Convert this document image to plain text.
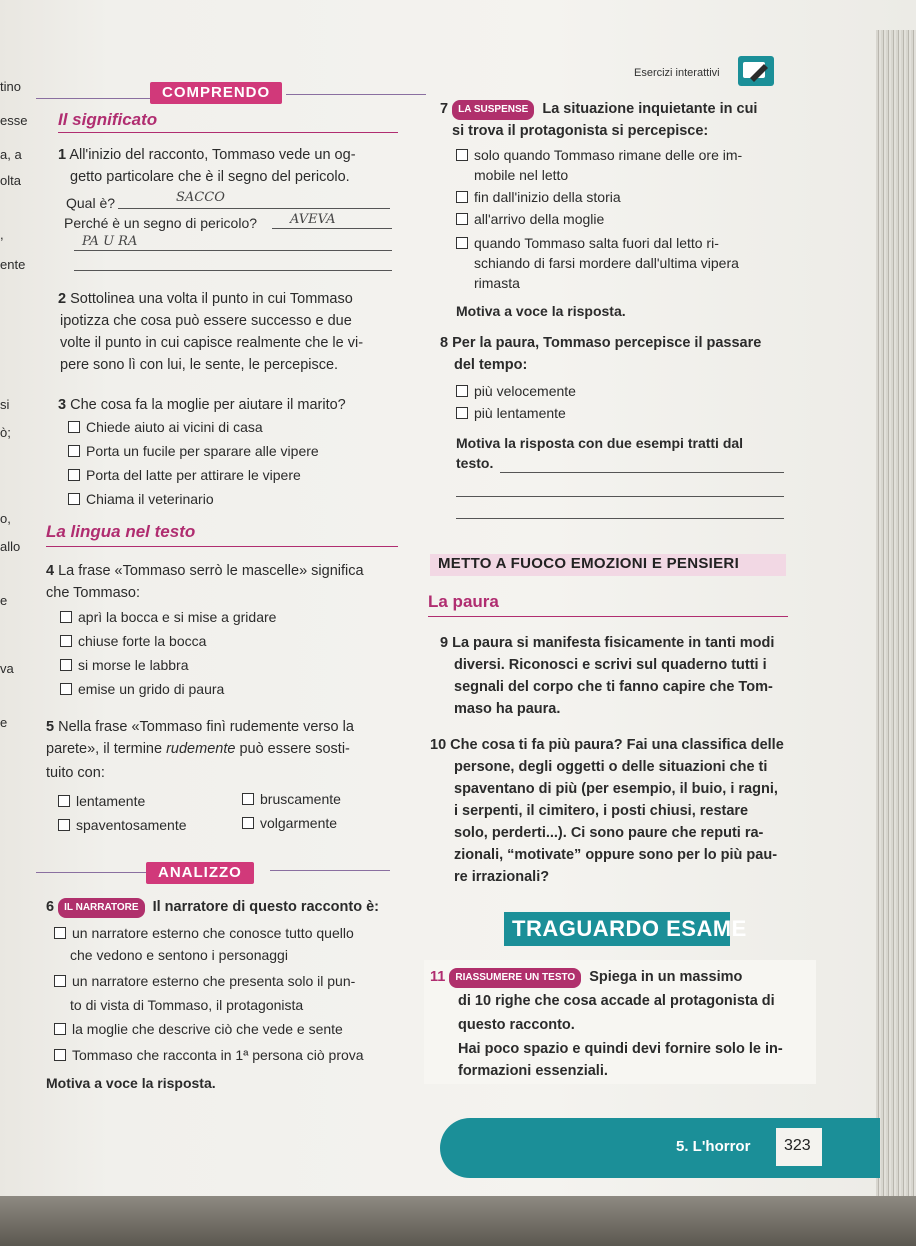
tino
esse
a, a
olta
,
ente
si
ò;
o,
allo
e
va
e
Esercizi interattivi
COMPRENDO
Il significato
1 All'inizio del racconto, Tommaso vede un og-
getto particolare che è il segno del pericolo.
Qual è?	SACCO
Perché è un segno di pericolo?	AVEVA
PA U RA
2 Sottolinea una volta il punto in cui Tommaso
ipotizza che cosa può essere successo e due
volte il punto in cui capisce realmente che le vi-
pere sono lì con lui, le sente, le percepisce.
3 Che cosa fa la moglie per aiutare il marito?
Chiede aiuto ai vicini di casa
Porta un fucile per sparare alle vipere
Porta del latte per attirare le vipere
Chiama il veterinario
La lingua nel testo
4 La frase «Tommaso serrò le mascelle» significa
che Tommaso:
aprì la bocca e si mise a gridare
chiuse forte la bocca
si morse le labbra
emise un grido di paura
5 Nella frase «Tommaso finì rudemente verso la
parete», il termine rudemente può essere sosti-
tuito con:
lentamente	bruscamente
spaventosamente	volgarmente
ANALIZZO
6 IL NARRATORE Il narratore di questo racconto è:
un narratore esterno che conosce tutto quello
che vedono e sentono i personaggi
un narratore esterno che presenta solo il pun-
to di vista di Tommaso, il protagonista
la moglie che descrive ciò che vede e sente
Tommaso che racconta in 1ª persona ciò prova
Motiva a voce la risposta.
7 LA SUSPENSE La situazione inquietante in cui
si trova il protagonista si percepisce:
solo quando Tommaso rimane delle ore im-
mobile nel letto
fin dall'inizio della storia
all'arrivo della moglie
quando Tommaso salta fuori dal letto ri-
schiando di farsi mordere dall'ultima vipera
rimasta
Motiva a voce la risposta.
8 Per la paura, Tommaso percepisce il passare
del tempo:
più velocemente
più lentamente
Motiva la risposta con due esempi tratti dal
testo.
METTO A FUOCO EMOZIONI E PENSIERI
La paura
9 La paura si manifesta fisicamente in tanti modi
diversi. Riconosci e scrivi sul quaderno tutti i
segnali del corpo che ti fanno capire che Tom-
maso ha paura.
10 Che cosa ti fa più paura? Fai una classifica delle
persone, degli oggetti o delle situazioni che ti
spaventano di più (per esempio, il buio, i ragni,
i serpenti, il cimitero, i posti chiusi, restare
solo, perderti...). Ci sono paure che reputi ra-
zionali, “motivate” oppure sono per lo più pau-
re irrazionali?
TRAGUARDO ESAME
11 RIASSUMERE UN TESTO Spiega in un massimo
di 10 righe che cosa accade al protagonista di
questo racconto.
Hai poco spazio e quindi devi fornire solo le in-
formazioni essenziali.
5. L'horror 323
